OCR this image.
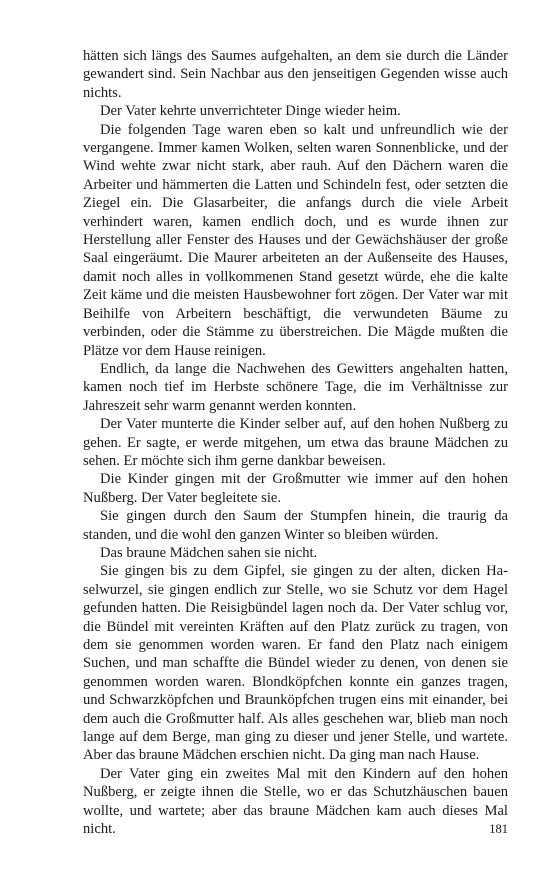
hätten sich längs des Saumes aufgehalten, an dem sie durch die Länder gewandert sind. Sein Nachbar aus den jenseitigen Gegenden wisse auch nichts.

Der Vater kehrte unverrichteter Dinge wieder heim.

Die folgenden Tage waren eben so kalt und unfreundlich wie der vergangene. Immer kamen Wolken, selten waren Sonnenblicke, und der Wind wehte zwar nicht stark, aber rauh. Auf den Dächern waren die Arbeiter und hämmerten die Latten und Schindeln fest, oder setzten die Ziegel ein. Die Glasarbeiter, die anfangs durch die viele Arbeit verhindert waren, kamen endlich doch, und es wurde ihnen zur Herstellung aller Fenster des Hauses und der Gewächshäuser der große Saal eingeräumt. Die Maurer arbeiteten an der Außenseite des Hauses, damit noch alles in vollkommenen Stand gesetzt würde, ehe die kalte Zeit käme und die meisten Hausbewohner fort zögen. Der Vater war mit Beihilfe von Arbeitern beschäftigt, die verwundeten Bäume zu verbinden, oder die Stämme zu überstreichen. Die Mägde mußten die Plätze vor dem Hause reinigen.

Endlich, da lange die Nachwehen des Gewitters angehalten hatten, kamen noch tief im Herbste schönere Tage, die im Verhältnisse zur Jahreszeit sehr warm genannt werden konnten.

Der Vater munterte die Kinder selber auf, auf den hohen Nußberg zu gehen. Er sagte, er werde mitgehen, um etwa das braune Mädchen zu sehen. Er möchte sich ihm gerne dankbar beweisen.

Die Kinder gingen mit der Großmutter wie immer auf den hohen Nußberg. Der Vater begleitete sie.

Sie gingen durch den Saum der Stumpfen hinein, die traurig da standen, und die wohl den ganzen Winter so bleiben würden.

Das braune Mädchen sahen sie nicht.

Sie gingen bis zu dem Gipfel, sie gingen zu der alten, dicken Haselwurzel, sie gingen endlich zur Stelle, wo sie Schutz vor dem Hagel gefunden hatten. Die Reisigbündel lagen noch da. Der Vater schlug vor, die Bündel mit vereinten Kräften auf den Platz zurück zu tragen, von dem sie genommen worden waren. Er fand den Platz nach einigem Suchen, und man schaffte die Bündel wieder zu denen, von denen sie genommen worden waren. Blondköpfchen konnte ein ganzes tragen, und Schwarzköpfchen und Braunköpfchen trugen eins mit einander, bei dem auch die Großmutter half. Als alles geschehen war, blieb man noch lange auf dem Berge, man ging zu dieser und jener Stelle, und wartete. Aber das braune Mädchen erschien nicht. Da ging man nach Hause.

Der Vater ging ein zweites Mal mit den Kindern auf den hohen Nußberg, er zeigte ihnen die Stelle, wo er das Schutzhäuschen bauen wollte, und wartete; aber das braune Mädchen kam auch dieses Mal nicht.	181
